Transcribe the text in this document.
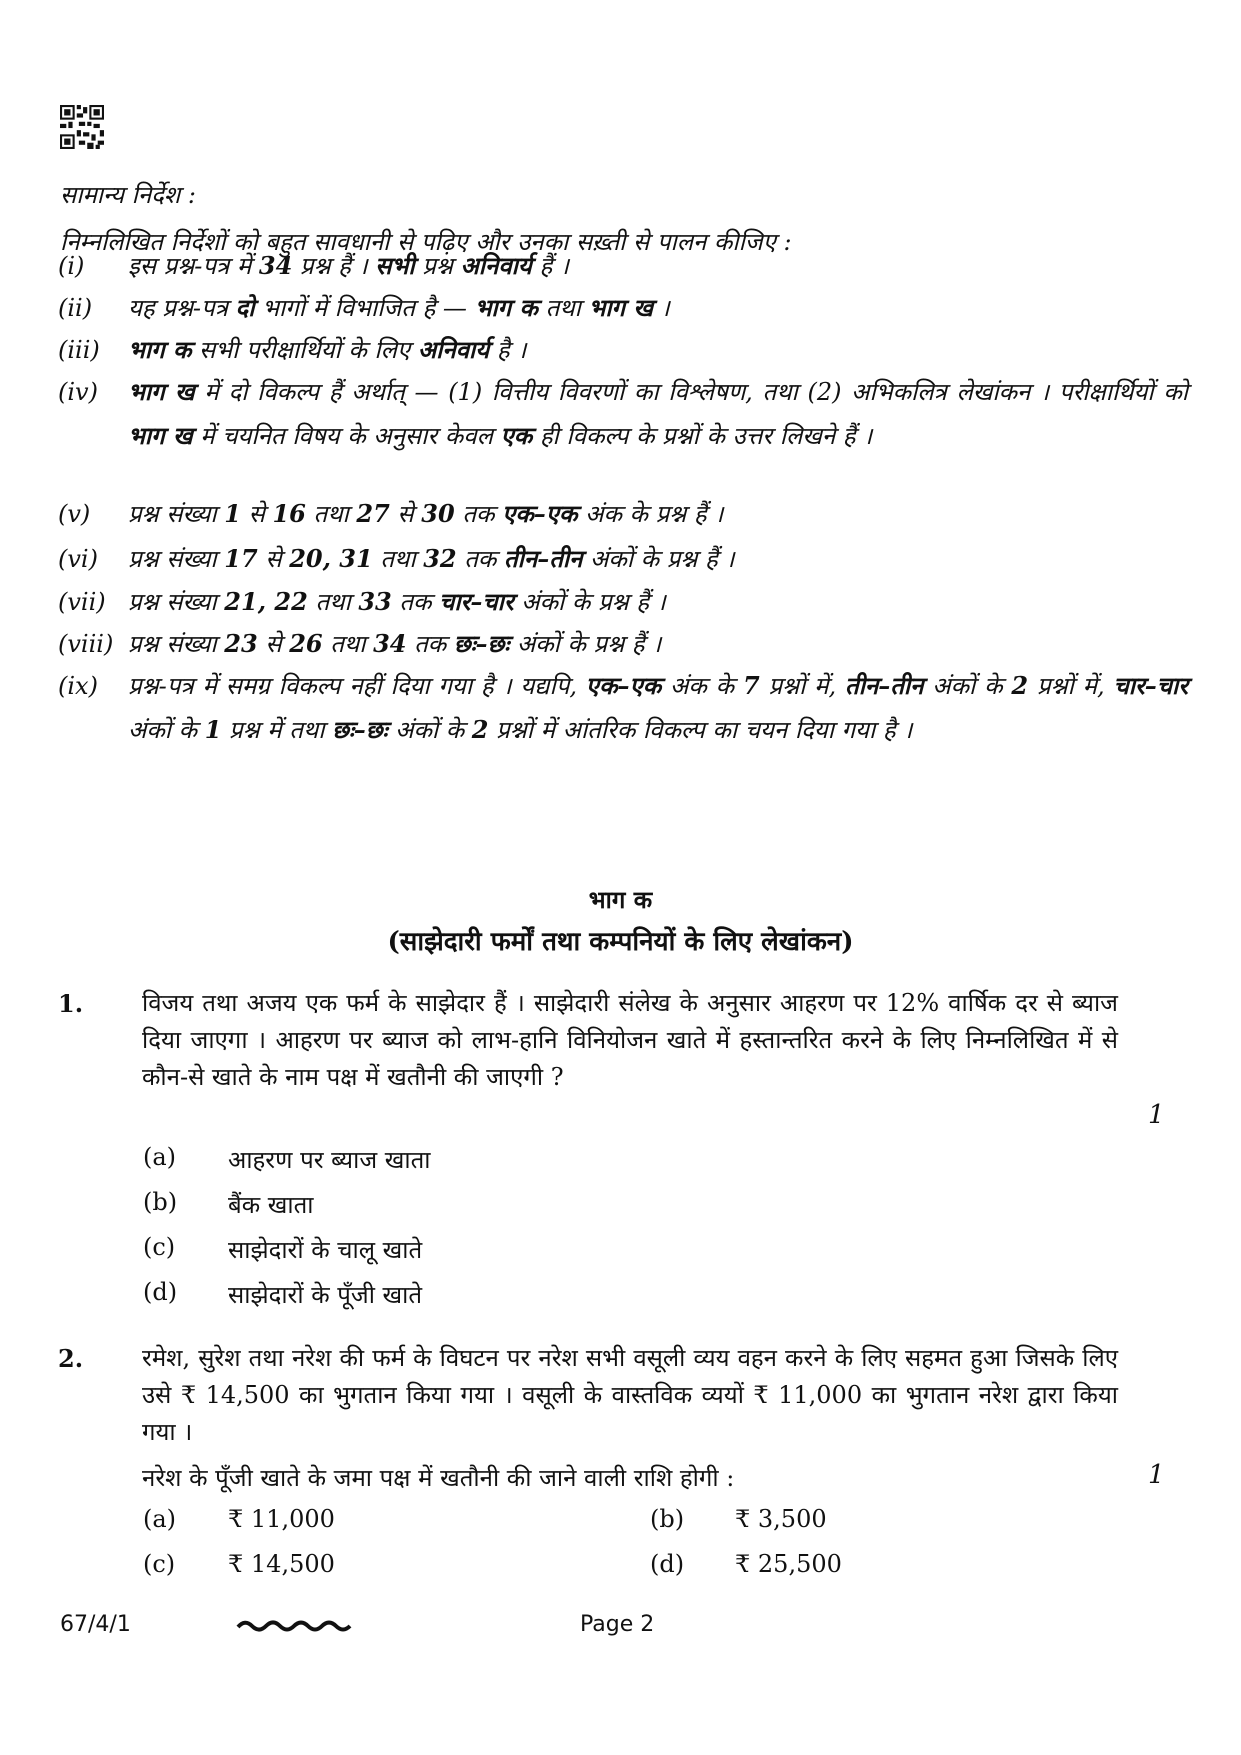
सामान्य निर्देश :
निम्नलिखित निर्देशों को बहुत सावधानी से पढ़िए और उनका सख़्ती से पालन कीजिए :
(i)	इस प्रश्न-पत्र में 34 प्रश्न हैं । सभी प्रश्न अनिवार्य हैं ।
(ii)	यह प्रश्न-पत्र दो भागों में विभाजित है — भाग क तथा भाग ख ।
(iii)	भाग क सभी परीक्षार्थियों के लिए अनिवार्य है ।
(iv)	भाग ख में दो विकल्प हैं अर्थात् — (1) वित्तीय विवरणों का विश्लेषण, तथा (2) अभिकलित्र लेखांकन । परीक्षार्थियों को भाग ख में चयनित विषय के अनुसार केवल एक ही विकल्प के प्रश्नों के उत्तर लिखने हैं ।
(v)	प्रश्न संख्या 1 से 16 तथा 27 से 30 तक एक–एक अंक के प्रश्न हैं ।
(vi)	प्रश्न संख्या 17 से 20, 31 तथा 32 तक तीन–तीन अंकों के प्रश्न हैं ।
(vii) प्रश्न संख्या 21, 22 तथा 33 तक चार–चार अंकों के प्रश्न हैं ।
(viii) प्रश्न संख्या 23 से 26 तथा 34 तक छः–छः अंकों के प्रश्न हैं ।
(ix)	प्रश्न-पत्र में समग्र विकल्प नहीं दिया गया है । यद्यपि, एक–एक अंक के 7 प्रश्नों में, तीन–तीन अंकों के 2 प्रश्नों में, चार–चार अंकों के 1 प्रश्न में तथा छः–छः अंकों के 2 प्रश्नों में आंतरिक विकल्प का चयन दिया गया है ।
भाग क
(साझेदारी फर्मों तथा कम्पनियों के लिए लेखांकन)
1. विजय तथा अजय एक फर्म के साझेदार हैं । साझेदारी संलेख के अनुसार आहरण पर 12% वार्षिक दर से ब्याज दिया जाएगा । आहरण पर ब्याज को लाभ-हानि विनियोजन खाते में हस्तान्तरित करने के लिए निम्नलिखित में से कौन-से खाते के नाम पक्ष में खतौनी की जाएगी ?
1
(a) आहरण पर ब्याज खाता
(b) बैंक खाता
(c) साझेदारों के चालू खाते
(d) साझेदारों के पूँजी खाते
2. रमेश, सुरेश तथा नरेश की फर्म के विघटन पर नरेश सभी वसूली व्यय वहन करने के लिए सहमत हुआ जिसके लिए उसे ₹ 14,500 का भुगतान किया गया । वसूली के वास्तविक व्ययों ₹ 11,000 का भुगतान नरेश द्वारा किया गया ।
नरेश के पूँजी खाते के जमा पक्ष में खतौनी की जाने वाली राशि होगी :	1
(a) ₹ 11,000	(b) ₹ 3,500
(c) ₹ 14,500	(d) ₹ 25,500
67/4/1	Page 2
